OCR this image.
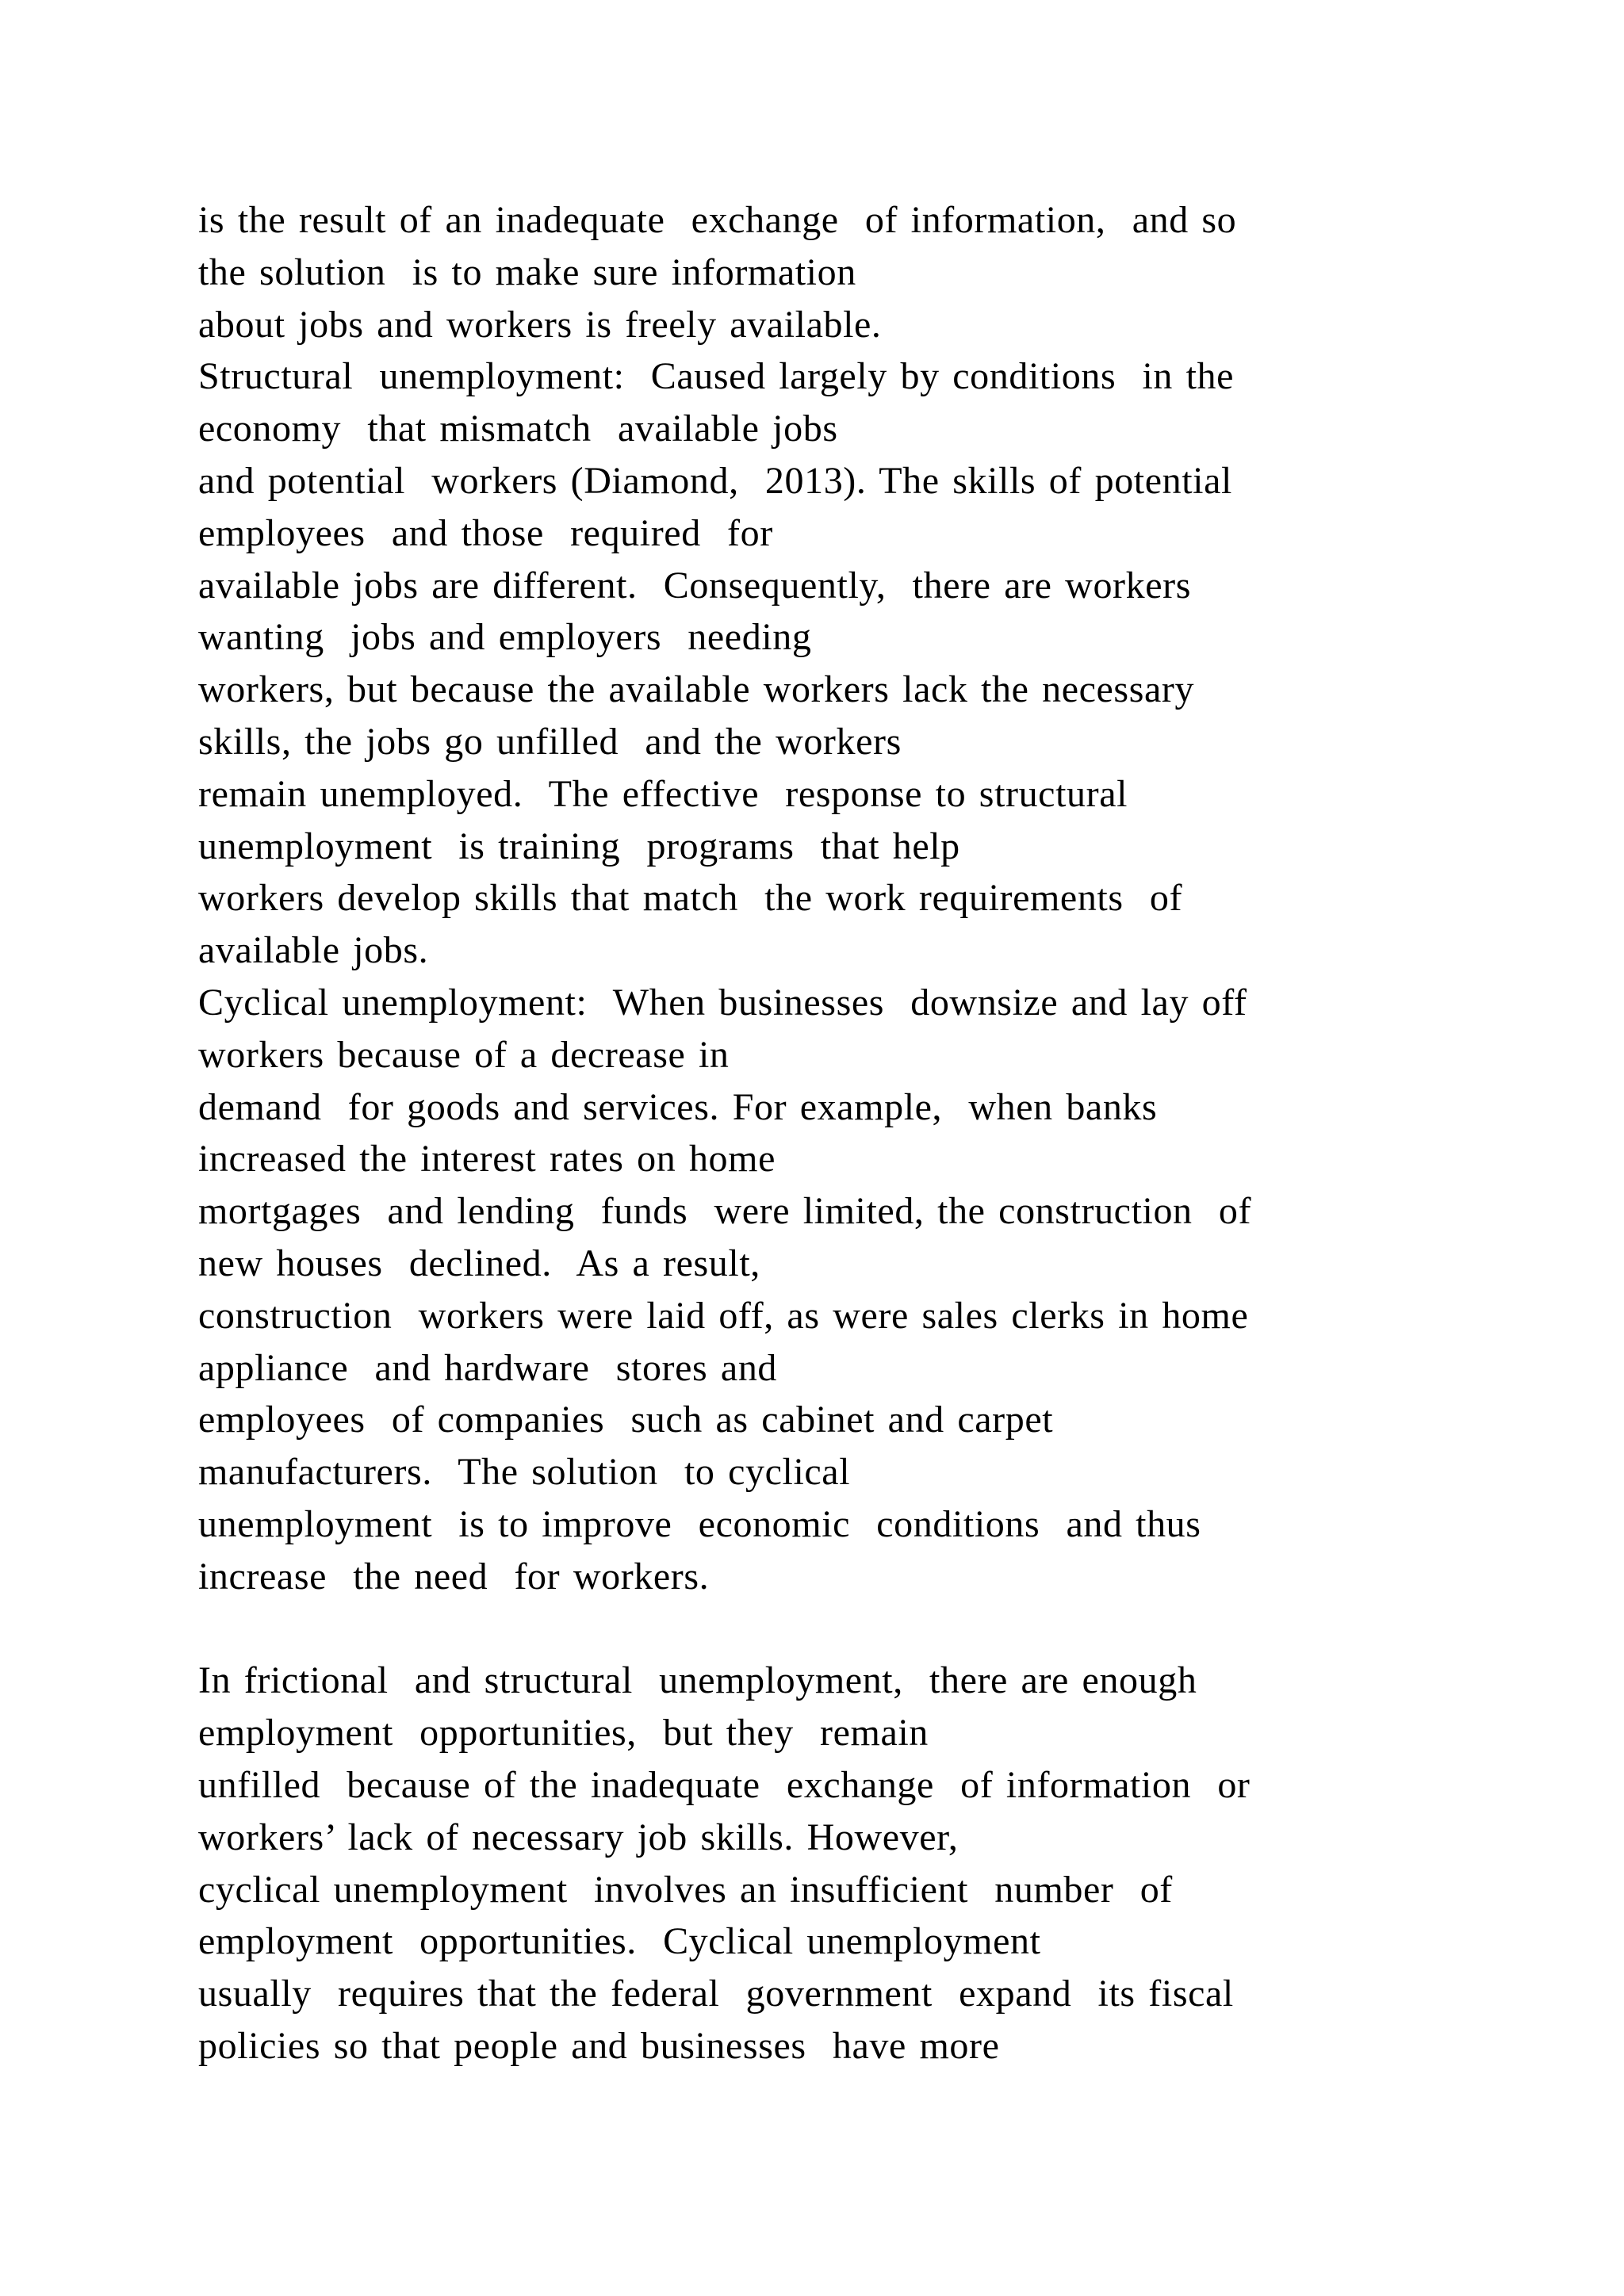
is the result of an inadequate  exchange  of information,  and so
the solution  is to make sure information
about jobs and workers is freely available.
Structural  unemployment:  Caused largely by conditions  in the
economy  that mismatch  available jobs
and potential  workers (Diamond,  2013). The skills of potential
employees  and those  required  for
available jobs are different.  Consequently,  there are workers
wanting  jobs and employers  needing
workers, but because the available workers lack the necessary
skills, the jobs go unfilled  and the workers
remain unemployed.  The effective  response to structural
unemployment  is training  programs  that help
workers develop skills that match  the work requirements  of
available jobs.
Cyclical unemployment:  When businesses  downsize and lay off
workers because of a decrease in
demand  for goods and services. For example,  when banks
increased the interest rates on home
mortgages  and lending  funds  were limited, the construction  of
new houses  declined.  As a result,
construction  workers were laid off, as were sales clerks in home
appliance  and hardware  stores and
employees  of companies  such as cabinet and carpet
manufacturers.  The solution  to cyclical
unemployment  is to improve  economic  conditions  and thus
increase  the need  for workers.
In frictional  and structural  unemployment,  there are enough
employment  opportunities,  but they  remain
unfilled  because of the inadequate  exchange  of information  or
workers’ lack of necessary job skills. However,
cyclical unemployment  involves an insufficient  number  of
employment  opportunities.  Cyclical unemployment
usually  requires that the federal  government  expand  its fiscal
policies so that people and businesses  have more
